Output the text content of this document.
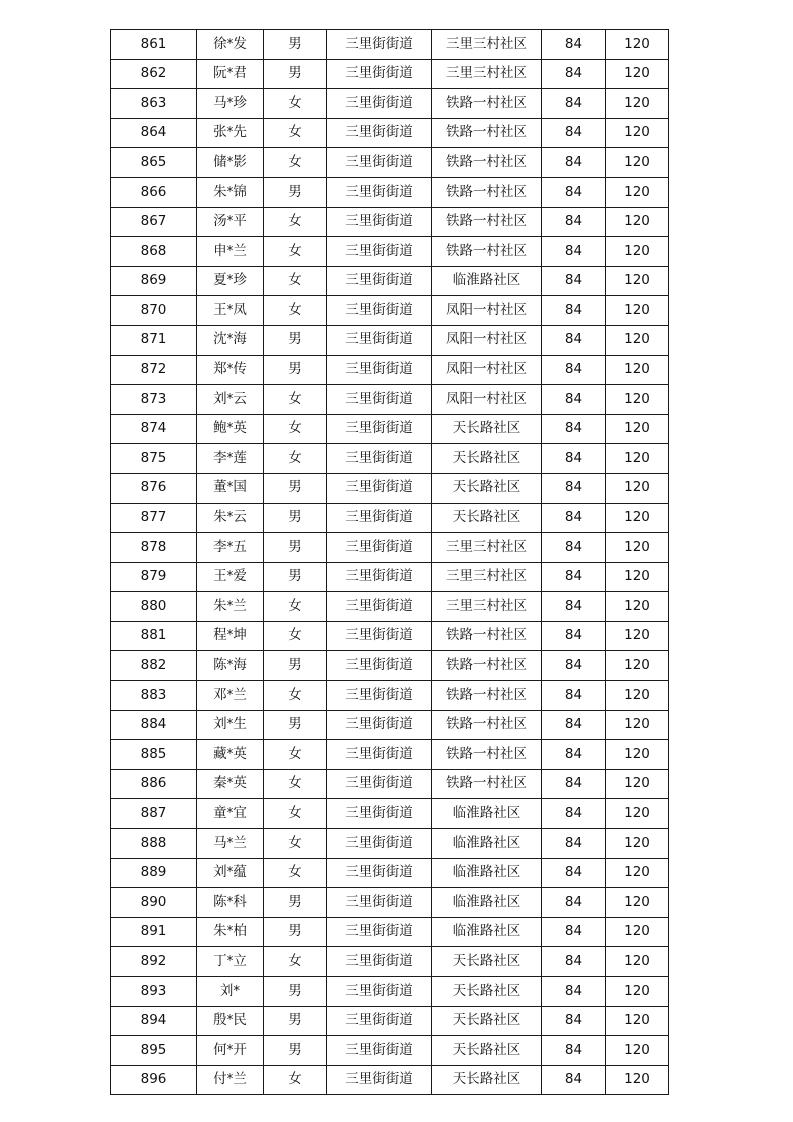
861	徐*发	男	三里街街道	三里三村社区	84	120
862	阮*君	男	三里街街道	三里三村社区	84	120
863	马*珍	女	三里街街道	铁路一村社区	84	120
864	张*先	女	三里街街道	铁路一村社区	84	120
865	储*影	女	三里街街道	铁路一村社区	84	120
866	朱*锦	男	三里街街道	铁路一村社区	84	120
867	汤*平	女	三里街街道	铁路一村社区	84	120
868	申*兰	女	三里街街道	铁路一村社区	84	120
869	夏*珍	女	三里街街道	临淮路社区	84	120
870	王*凤	女	三里街街道	凤阳一村社区	84	120
871	沈*海	男	三里街街道	凤阳一村社区	84	120
872	郑*传	男	三里街街道	凤阳一村社区	84	120
873	刘*云	女	三里街街道	凤阳一村社区	84	120
874	鲍*英	女	三里街街道	天长路社区	84	120
875	李*莲	女	三里街街道	天长路社区	84	120
876	董*国	男	三里街街道	天长路社区	84	120
877	朱*云	男	三里街街道	天长路社区	84	120
878	李*五	男	三里街街道	三里三村社区	84	120
879	王*爱	男	三里街街道	三里三村社区	84	120
880	朱*兰	女	三里街街道	三里三村社区	84	120
881	程*坤	女	三里街街道	铁路一村社区	84	120
882	陈*海	男	三里街街道	铁路一村社区	84	120
883	邓*兰	女	三里街街道	铁路一村社区	84	120
884	刘*生	男	三里街街道	铁路一村社区	84	120
885	藏*英	女	三里街街道	铁路一村社区	84	120
886	秦*英	女	三里街街道	铁路一村社区	84	120
887	童*宜	女	三里街街道	临淮路社区	84	120
888	马*兰	女	三里街街道	临淮路社区	84	120
889	刘*蕴	女	三里街街道	临淮路社区	84	120
890	陈*科	男	三里街街道	临淮路社区	84	120
891	朱*柏	男	三里街街道	临淮路社区	84	120
892	丁*立	女	三里街街道	天长路社区	84	120
893	刘*	男	三里街街道	天长路社区	84	120
894	殷*民	男	三里街街道	天长路社区	84	120
895	何*开	男	三里街街道	天长路社区	84	120
896	付*兰	女	三里街街道	天长路社区	84	120
